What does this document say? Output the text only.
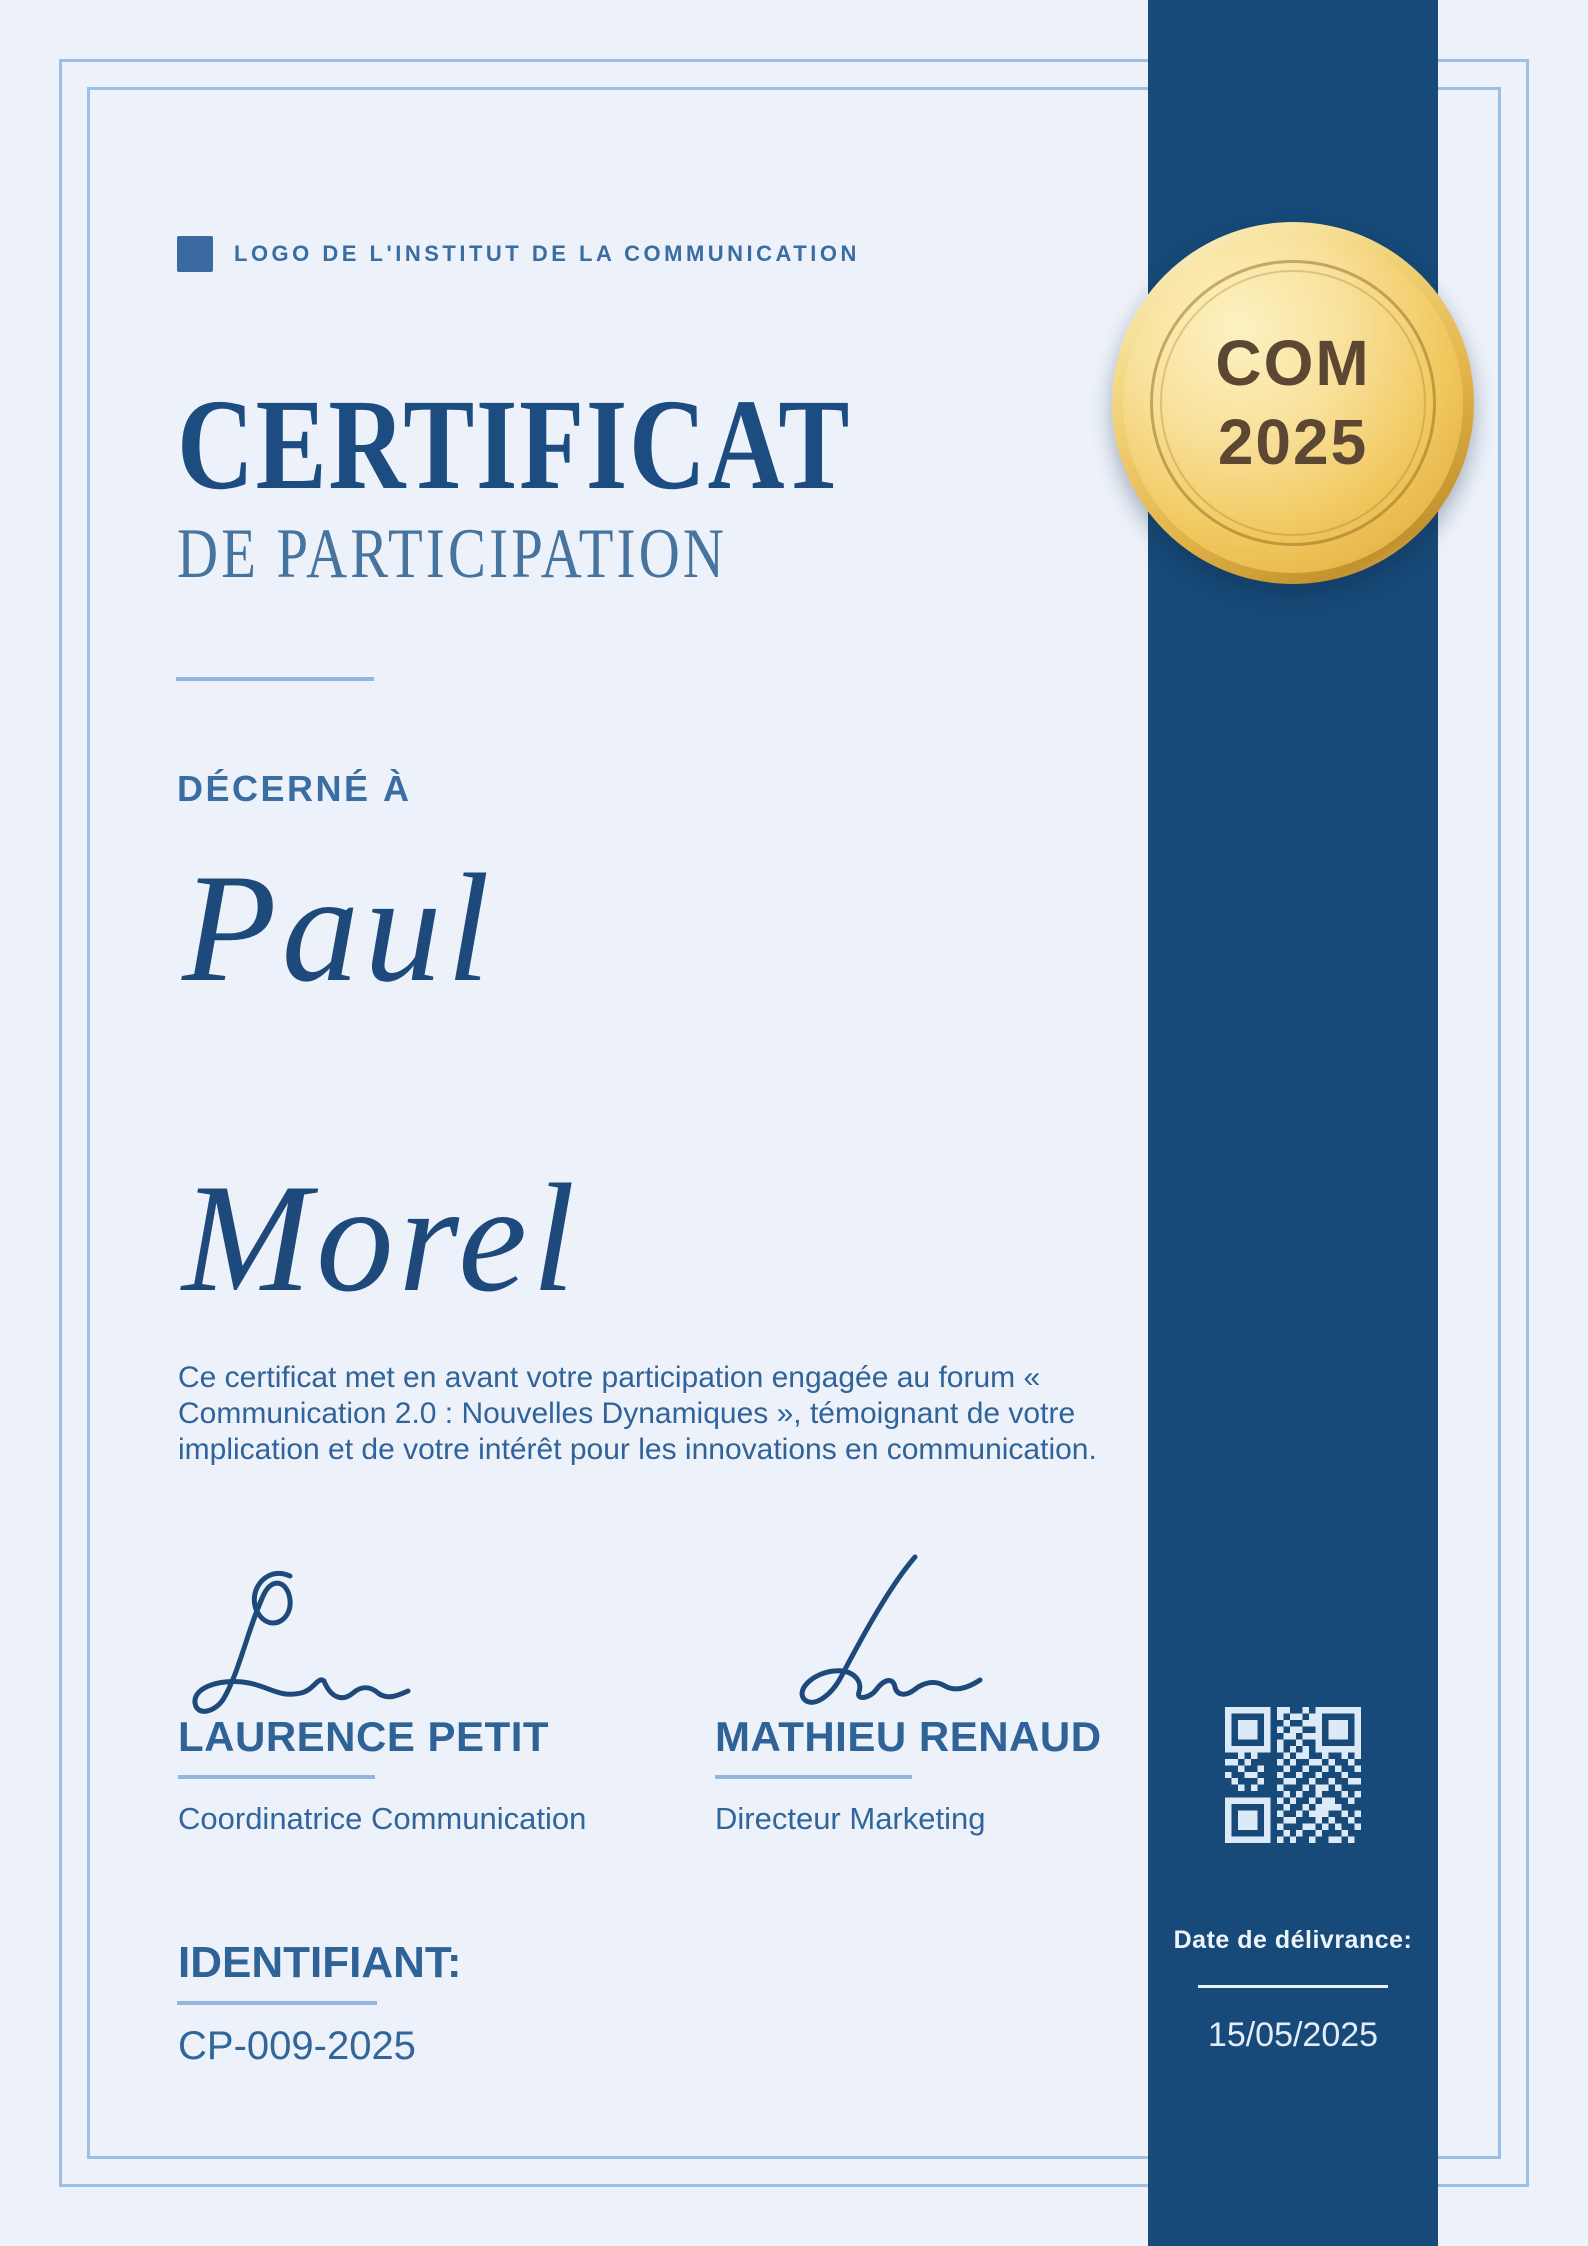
COM
2025
LOGO DE L'INSTITUT DE LA COMMUNICATION
CERTIFICAT
DE PARTICIPATION
DÉCERNÉ À
Paul
Morel
Ce certificat met en avant votre participation engagée au forum «
Communication 2.0 : Nouvelles Dynamiques », témoignant de votre
implication et de votre intérêt pour les innovations en communication.
LAURENCE PETIT
Coordinatrice Communication
MATHIEU RENAUD
Directeur Marketing
IDENTIFIANT:
CP-009-2025
Date de délivrance:
15/05/2025
